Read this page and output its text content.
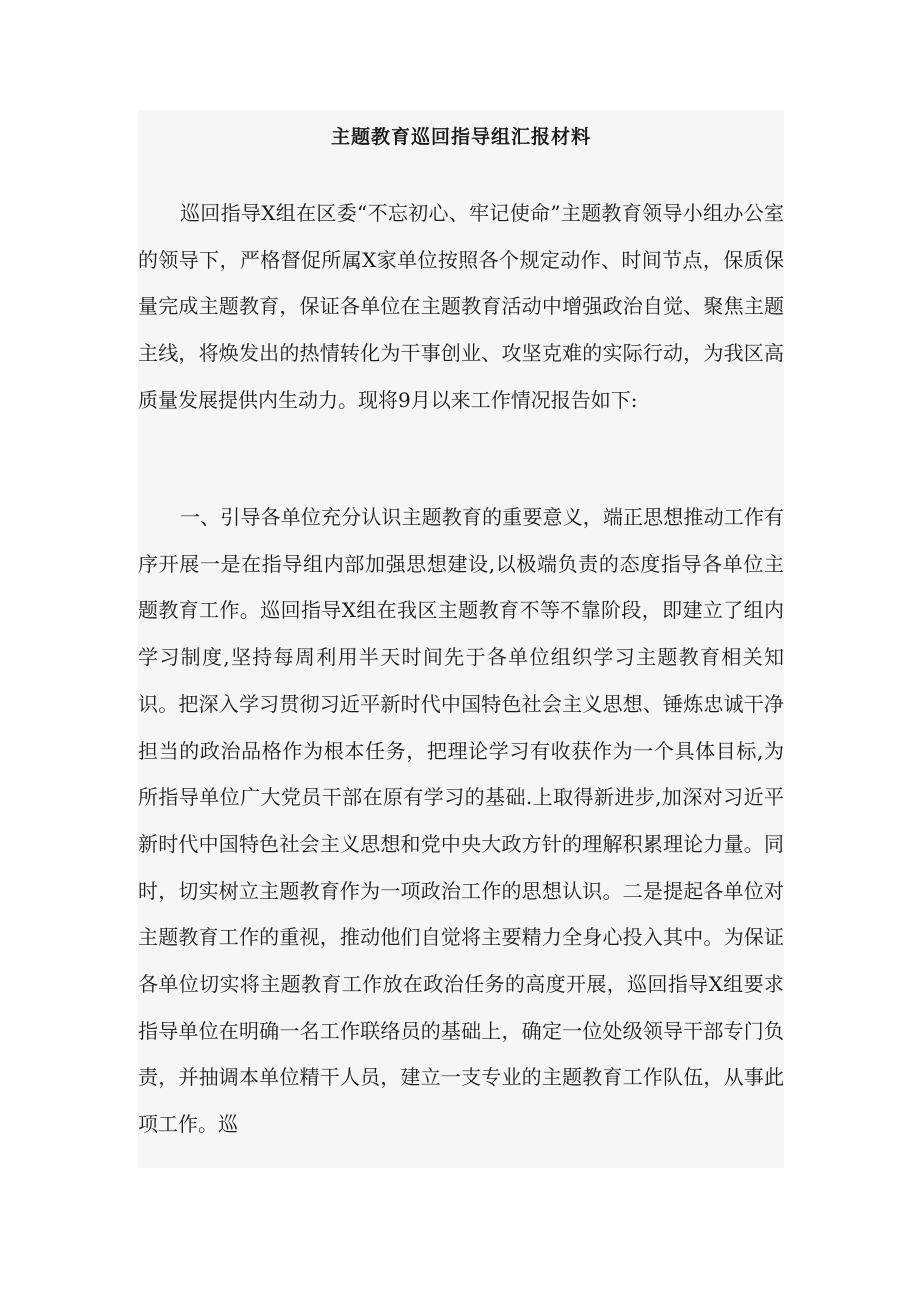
主题教育巡回指导组汇报材料

巡回指导X组在区委“不忘初心、牢记使命”主题教育领导小组办公室的领导下，严格督促所属X家单位按照各个规定动作、时间节点，保质保量完成主题教育，保证各单位在主题教育活动中增强政治自觉、聚焦主题主线，将焕发出的热情转化为干事创业、攻坚克难的实际行动，为我区高质量发展提供内生动力。现将9月以来工作情况报告如下:

一、引导各单位充分认识主题教育的重要意义，端正思想推动工作有序开展一是在指导组内部加强思想建设,以极端负责的态度指导各单位主题教育工作。巡回指导X组在我区主题教育不等不靠阶段，即建立了组内学习制度,坚持每周利用半天时间先于各单位组织学习主题教育相关知识。把深入学习贯彻习近平新时代中国特色社会主义思想、锤炼忠诚干净担当的政治品格作为根本任务，把理论学习有收获作为一个具体目标,为所指导单位广大党员干部在原有学习的基础.上取得新进步,加深对习近平新时代中国特色社会主义思想和党中央大政方针的理解积累理论力量。同时，切实树立主题教育作为一项政治工作的思想认识。二是提起各单位对主题教育工作的重视，推动他们自觉将主要精力全身心投入其中。为保证各单位切实将主题教育工作放在政治任务的高度开展，巡回指导X组要求指导单位在明确一名工作联络员的基础上，确定一位处级领导干部专门负责，并抽调本单位精干人员，建立一支专业的主题教育工作队伍，从事此项工作。巡
